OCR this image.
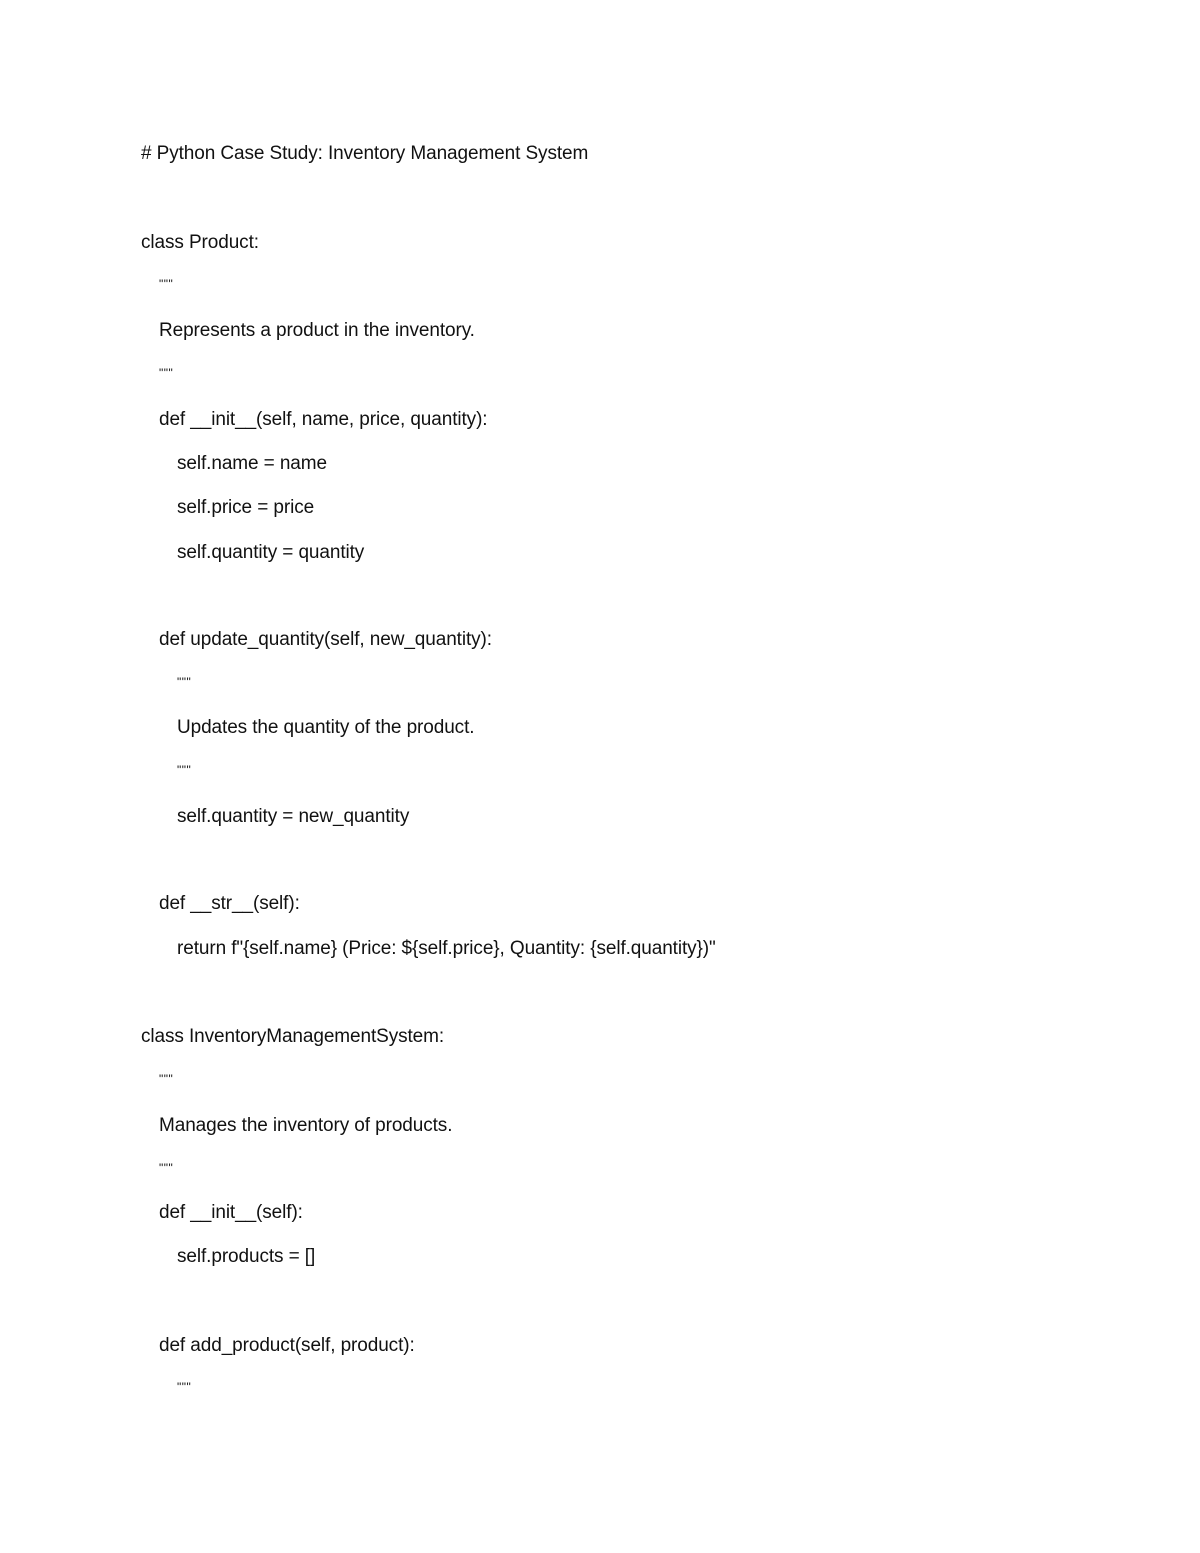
# Python Case Study: Inventory Management System
class Product:
"""
Represents a product in the inventory.
"""
def __init__(self, name, price, quantity):
self.name = name
self.price = price
self.quantity = quantity
def update_quantity(self, new_quantity):
"""
Updates the quantity of the product.
"""
self.quantity = new_quantity
def __str__(self):
return f"{self.name} (Price: ${self.price}, Quantity: {self.quantity})"
class InventoryManagementSystem:
"""
Manages the inventory of products.
"""
def __init__(self):
self.products = []
def add_product(self, product):
"""
